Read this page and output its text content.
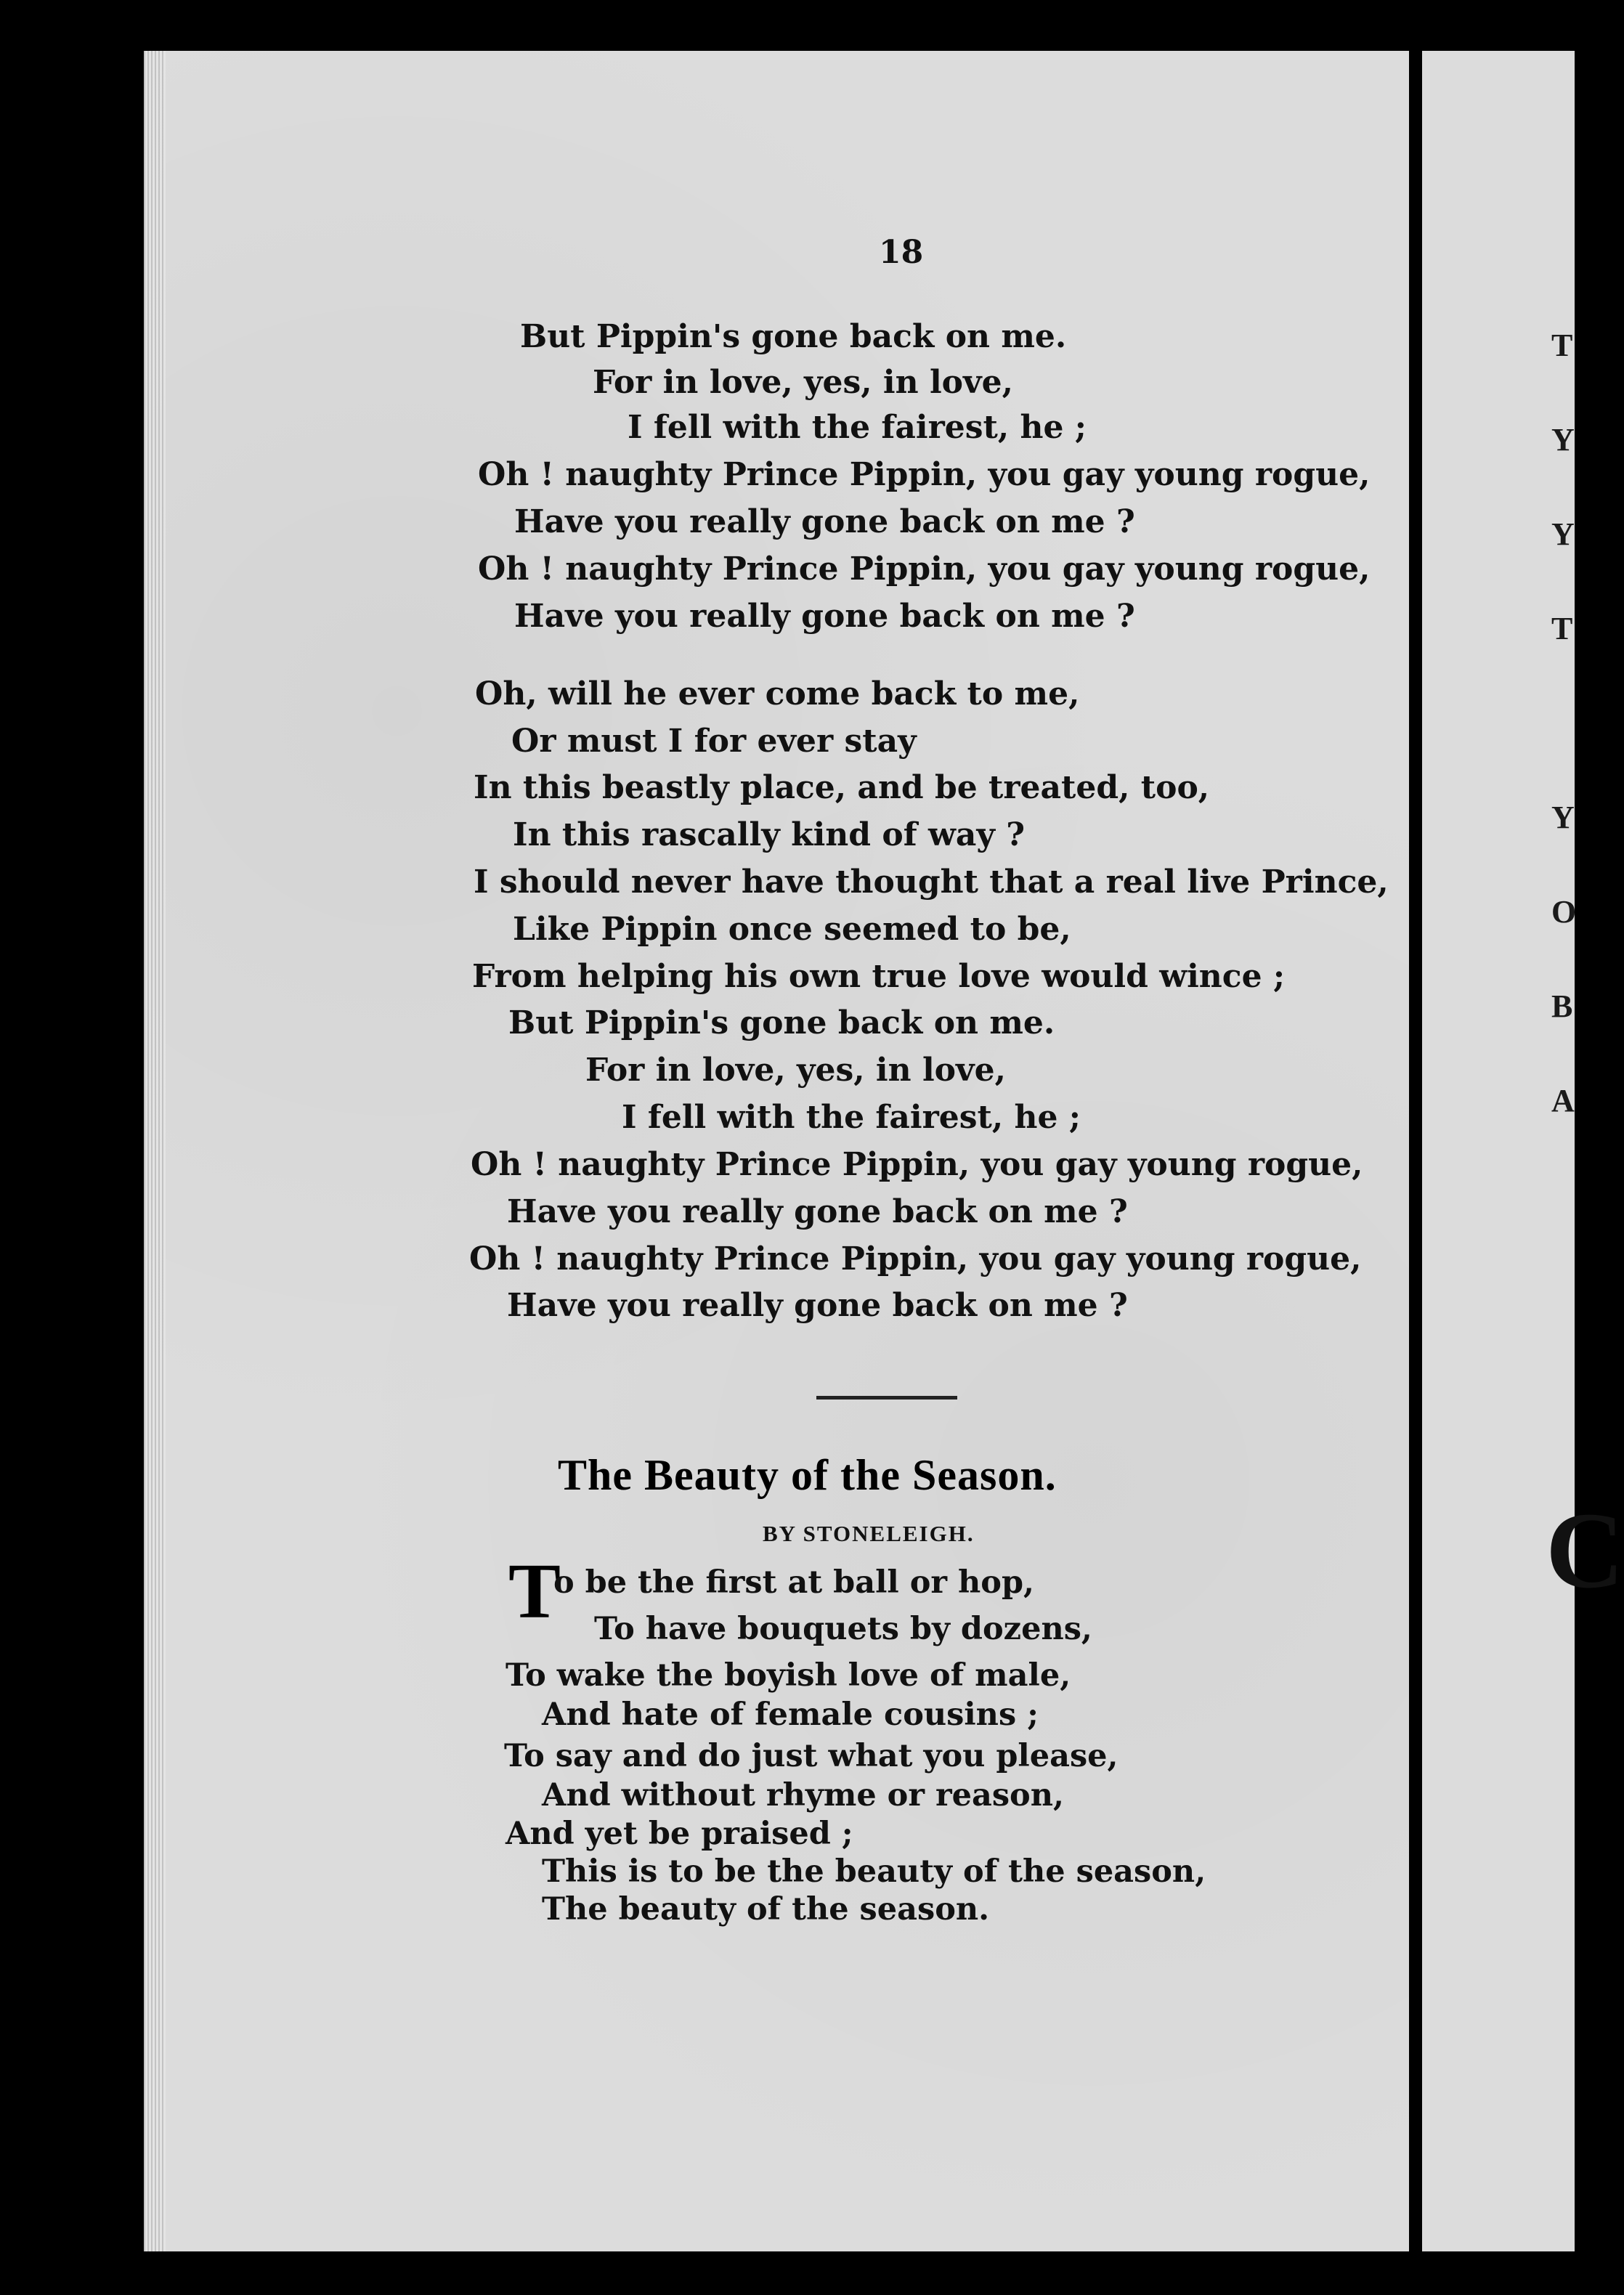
T
Y
Y
T
Y
O
B
A
C
18
But Pippin's gone back on me.
For in love, yes, in love,
I fell with the fairest, he ;
Oh ! naughty Prince Pippin, you gay young rogue,
Have you really gone back on me ?
Oh ! naughty Prince Pippin, you gay young rogue,
Have you really gone back on me ?
Oh, will he ever come back to me,
Or must I for ever stay
In this beastly place, and be treated, too,
In this rascally kind of way ?
I should never have thought that a real live Prince,
Like Pippin once seemed to be,
From helping his own true love would wince ;
But Pippin's gone back on me.
For in love, yes, in love,
I fell with the fairest, he ;
Oh ! naughty Prince Pippin, you gay young rogue,
Have you really gone back on me ?
Oh ! naughty Prince Pippin, you gay young rogue,
Have you really gone back on me ?
The Beauty of the Season.
BY STONELEIGH.
T
o be the first at ball or hop,
To have bouquets by dozens,
To wake the boyish love of male,
And hate of female cousins ;
To say and do just what you please,
And without rhyme or reason,
And yet be praised ;
This is to be the beauty of the season,
The beauty of the season.
